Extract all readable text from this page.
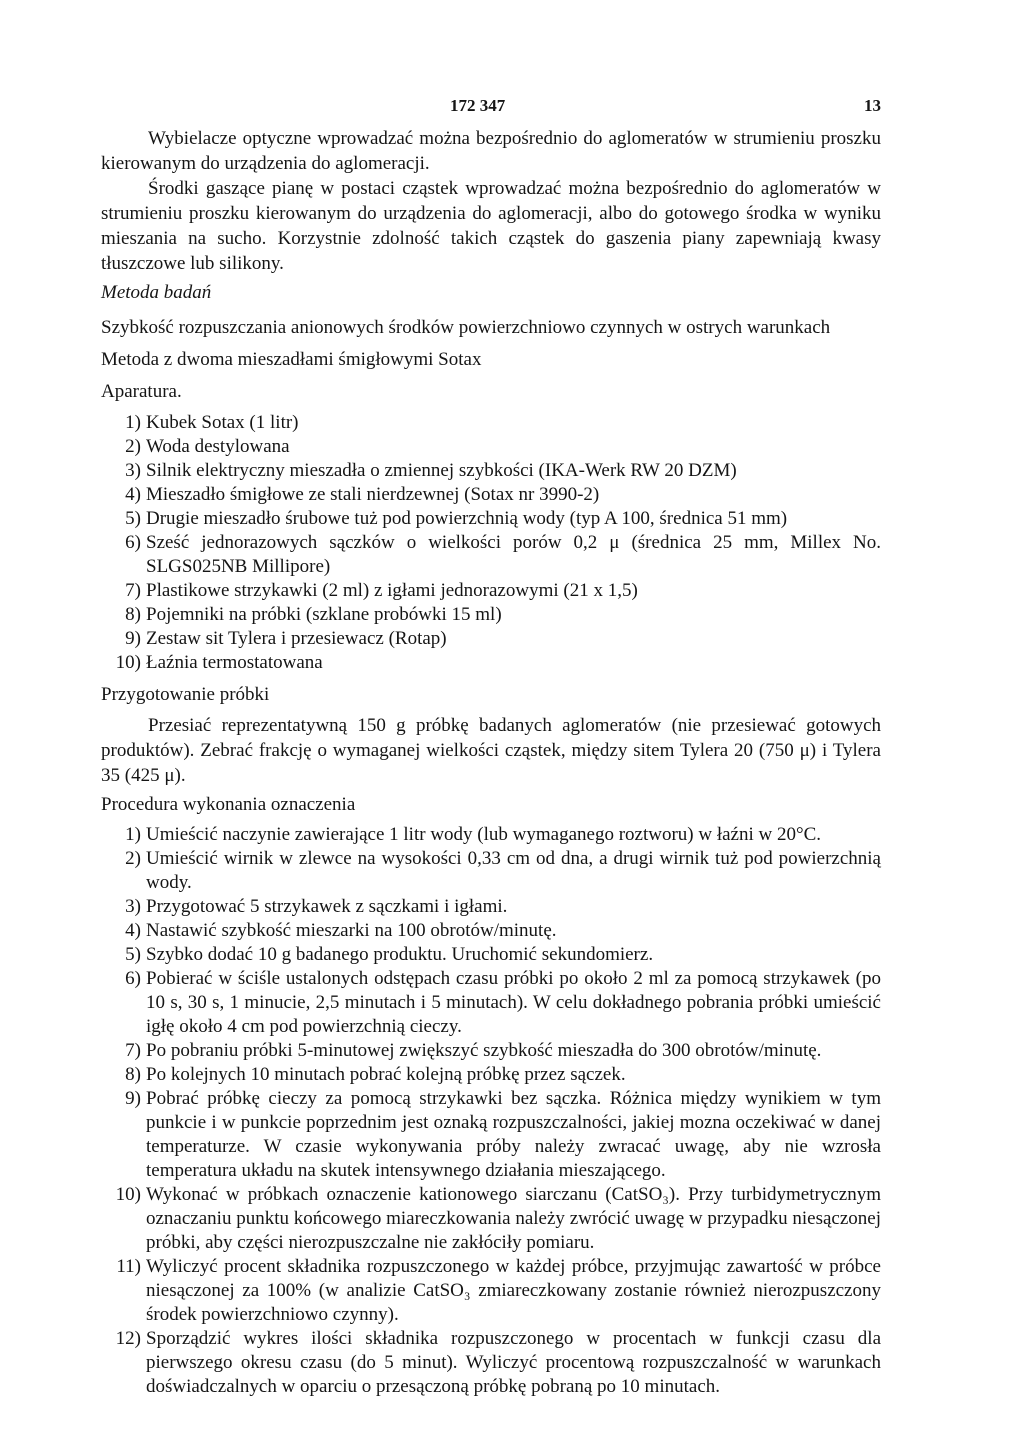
172 347	13

Wybielacze optyczne wprowadzać można bezpośrednio do aglomeratów w strumieniu proszku kierowanym do urządzenia do aglomeracji.

Środki gaszące pianę w postaci cząstek wprowadzać można bezpośrednio do aglomeratów w strumieniu proszku kierowanym do urządzenia do aglomeracji, albo do gotowego środka w wyniku mieszania na sucho. Korzystnie zdolność takich cząstek do gaszenia piany zapewniają kwasy tłuszczowe lub silikony.

Metoda badań

Szybkość rozpuszczania anionowych środków powierzchniowo czynnych w ostrych warunkach

Metoda z dwoma mieszadłami śmigłowymi Sotax

Aparatura.

1) Kubek Sotax (1 litr)
2) Woda destylowana
3) Silnik elektryczny mieszadła o zmiennej szybkości (IKA-Werk RW 20 DZM)
4) Mieszadło śmigłowe ze stali nierdzewnej (Sotax nr 3990-2)
5) Drugie mieszadło śrubowe tuż pod powierzchnią wody (typ A 100, średnica 51 mm)
6) Sześć jednorazowych sączków o wielkości porów 0,2 μ (średnica 25 mm, Millex No. SLGS025NB Millipore)
7) Plastikowe strzykawki (2 ml) z igłami jednorazowymi (21 x 1,5)
8) Pojemniki na próbki (szklane probówki 15 ml)
9) Zestaw sit Tylera i przesiewacz (Rotap)
10) Łaźnia termostatowana
Przygotowanie próbki

Przesiać reprezentatywną 150 g próbkę badanych aglomeratów (nie przesiewać gotowych produktów). Zebrać frakcję o wymaganej wielkości cząstek, między sitem Tylera 20 (750 μ) i Tylera 35 (425 μ).

Procedura wykonania oznaczenia
1) Umieścić naczynie zawierające 1 litr wody (lub wymaganego roztworu) w łaźni w 20°C.
2) Umieścić wirnik w zlewce na wysokości 0,33 cm od dna, a drugi wirnik tuż pod powierzchnią wody.
3) Przygotować 5 strzykawek z sączkami i igłami.
4) Nastawić szybkość mieszarki na 100 obrotów/minutę.
5) Szybko dodać 10 g badanego produktu. Uruchomić sekundomierz.
6) Pobierać w ściśle ustalonych odstępach czasu próbki po około 2 ml za pomocą strzykawek (po 10 s, 30 s, 1 minucie, 2,5 minutach i 5 minutach). W celu dokładnego pobrania próbki umieścić igłę około 4 cm pod powierzchnią cieczy.
7) Po pobraniu próbki 5-minutowej zwiększyć szybkość mieszadła do 300 obrotów/minutę.
8) Po kolejnych 10 minutach pobrać kolejną próbkę przez sączek.
9) Pobrać próbkę cieczy za pomocą strzykawki bez sączka. Różnica między wynikiem w tym punkcie i w punkcie poprzednim jest oznaką rozpuszczalności, jakiej mozna oczekiwać w danej temperaturze. W czasie wykonywania próby należy zwracać uwagę, aby nie wzrosła temperatura układu na skutek intensywnego działania mieszającego.
10) Wykonać w próbkach oznaczenie kationowego siarczanu (CatSO₃). Przy turbidymetrycznym oznaczaniu punktu końcowego miareczkowania należy zwrócić uwagę w przypadku niesączonej próbki, aby części nierozpuszczalne nie zakłóciły pomiaru.
11) Wyliczyć procent składnika rozpuszczonego w każdej próbce, przyjmując zawartość w próbce niesączonej za 100% (w analizie CatSO₃ zmiareczkowany zostanie również nierozpuszczony środek powierzchniowo czynny).
12) Sporządzić wykres ilości składnika rozpuszczonego w procentach w funkcji czasu dla pierwszego okresu czasu (do 5 minut). Wyliczyć procentową rozpuszczalność w warunkach doświadczalnych w oparciu o przesączoną próbkę pobraną po 10 minutach.
